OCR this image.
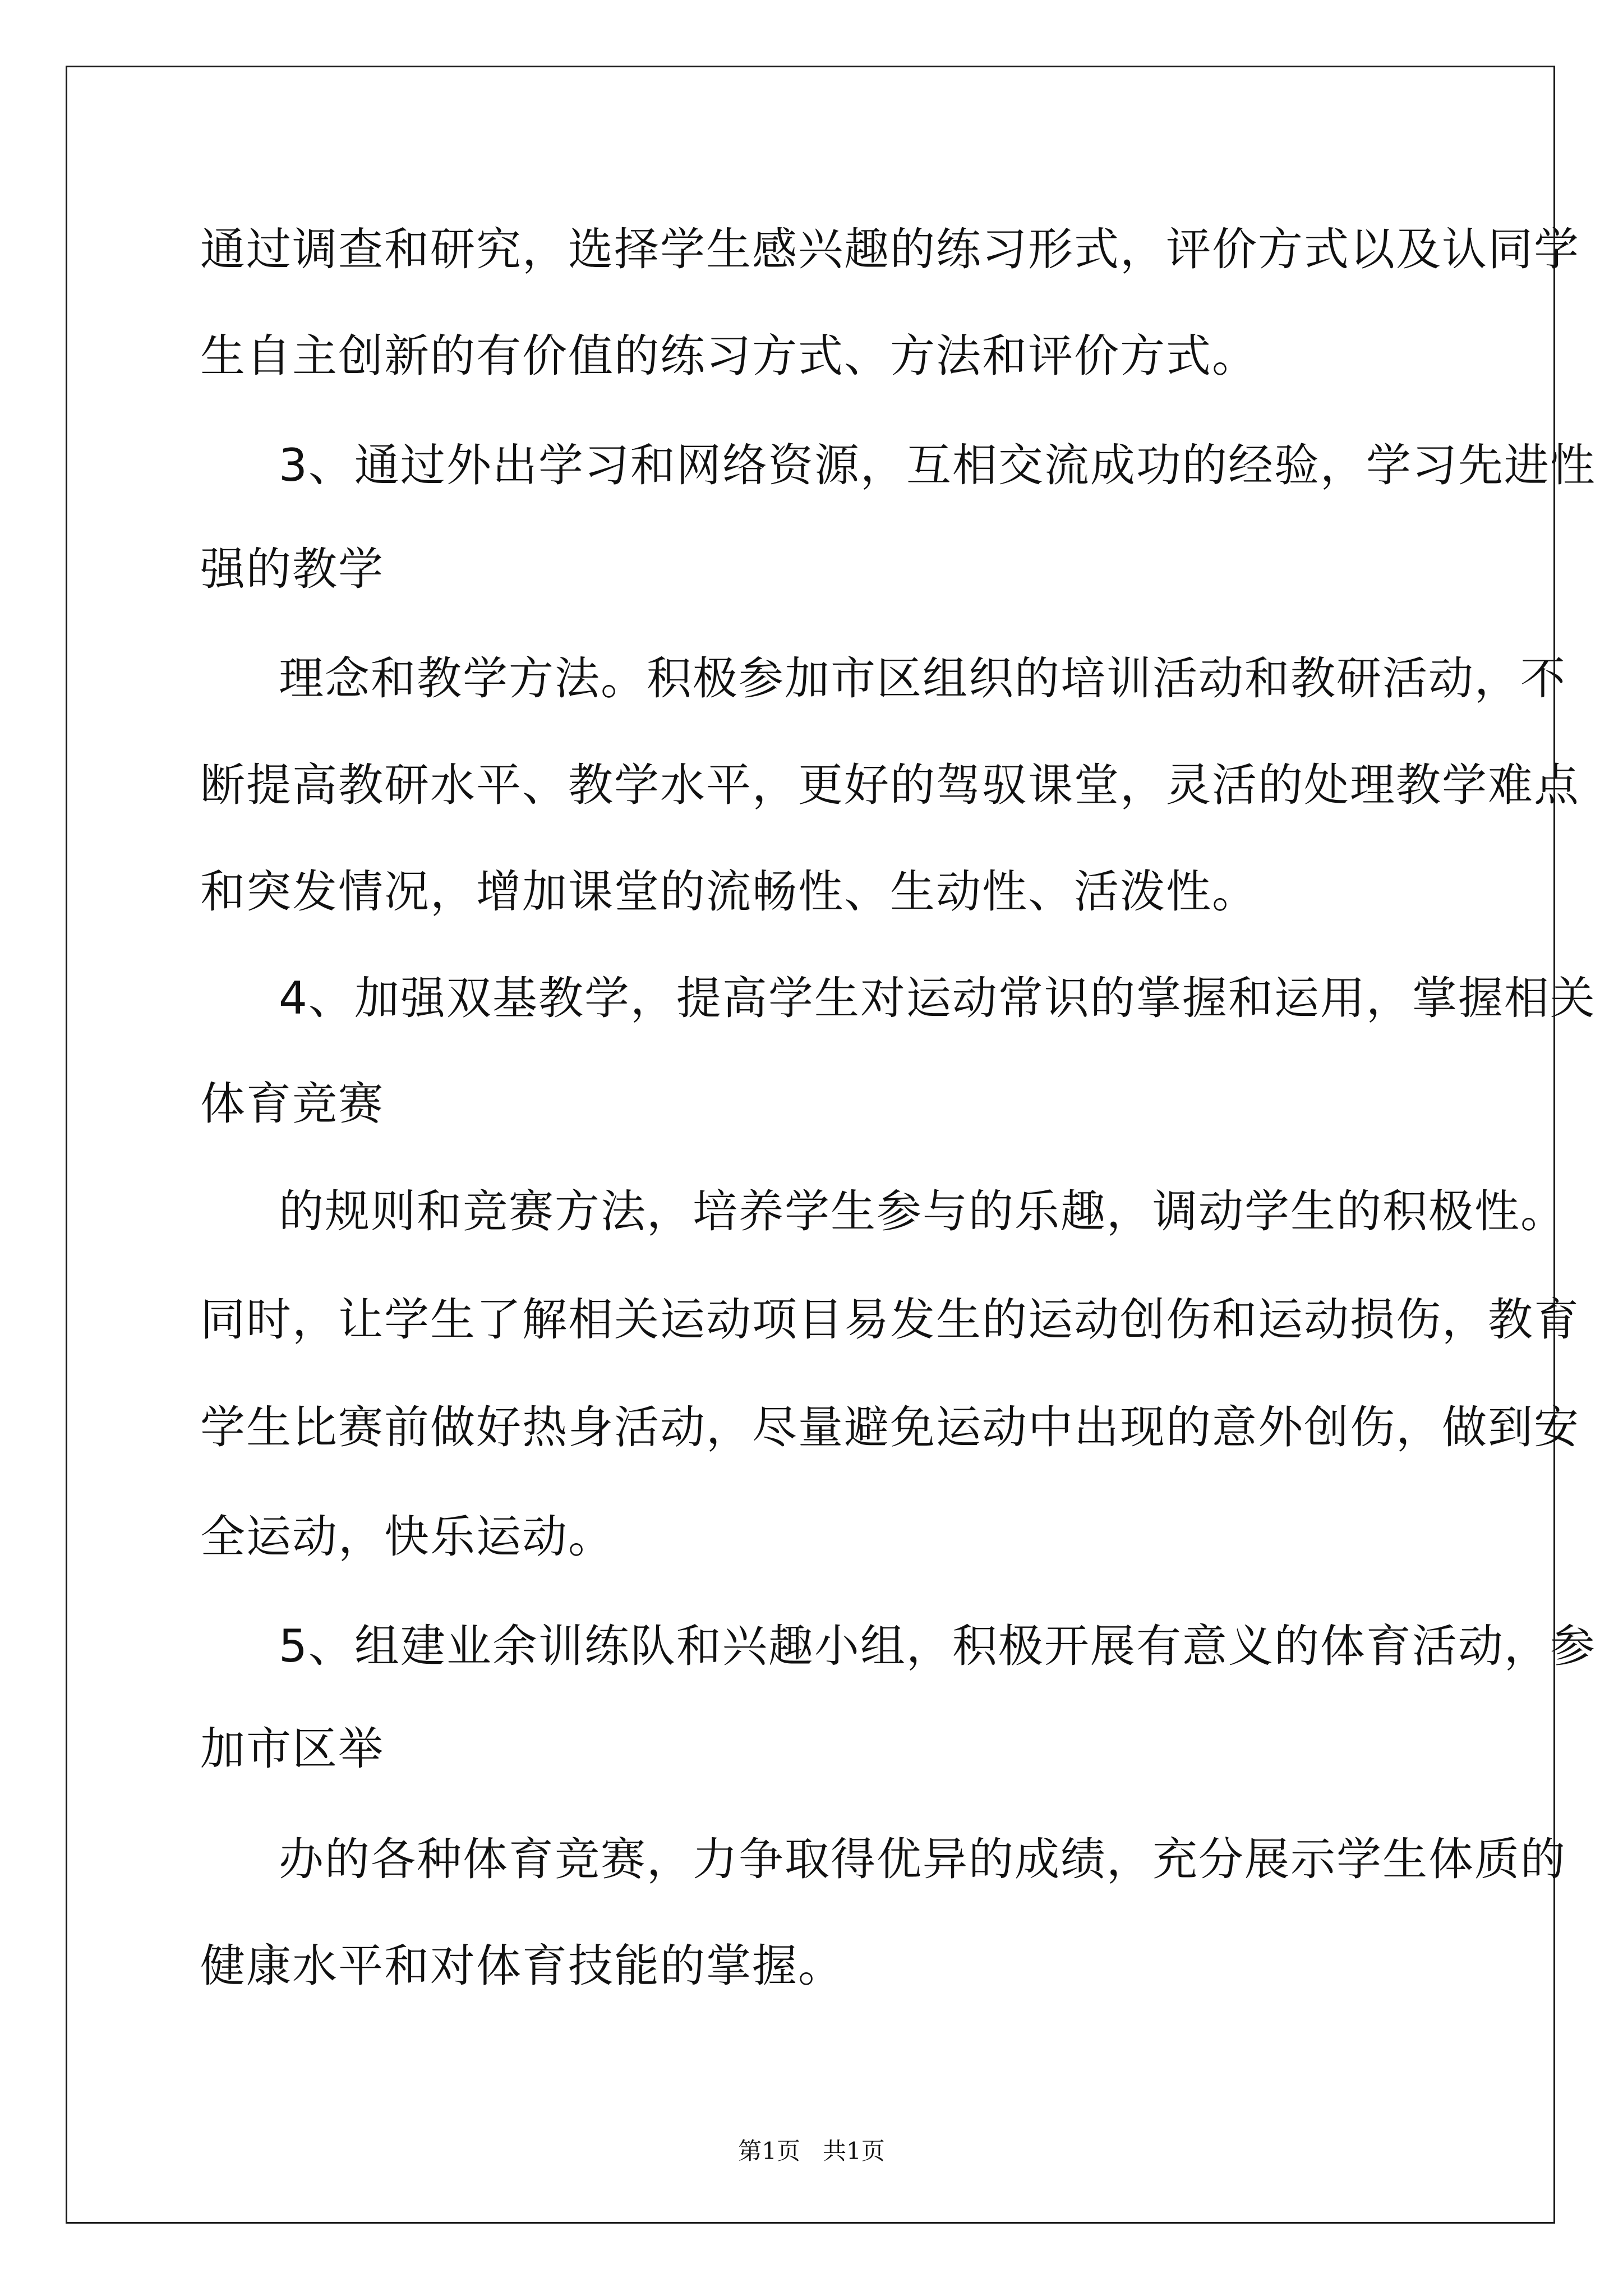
通过调查和研究，选择学生感兴趣的练习形式，评价方式以及认同学
生自主创新的有价值的练习方式、方法和评价方式。
3、通过外出学习和网络资源，互相交流成功的经验，学习先进性
强的教学
理念和教学方法。积极参加市区组织的培训活动和教研活动，不
断提高教研水平、教学水平，更好的驾驭课堂，灵活的处理教学难点
和突发情况，增加课堂的流畅性、生动性、活泼性。
4、加强双基教学，提高学生对运动常识的掌握和运用，掌握相关
体育竞赛
的规则和竞赛方法，培养学生参与的乐趣，调动学生的积极性。
同时，让学生了解相关运动项目易发生的运动创伤和运动损伤，教育
学生比赛前做好热身活动，尽量避免运动中出现的意外创伤，做到安
全运动，快乐运动。
5、组建业余训练队和兴趣小组，积极开展有意义的体育活动，参
加市区举
办的各种体育竞赛，力争取得优异的成绩，充分展示学生体质的
健康水平和对体育技能的掌握。
第1页 共1页
